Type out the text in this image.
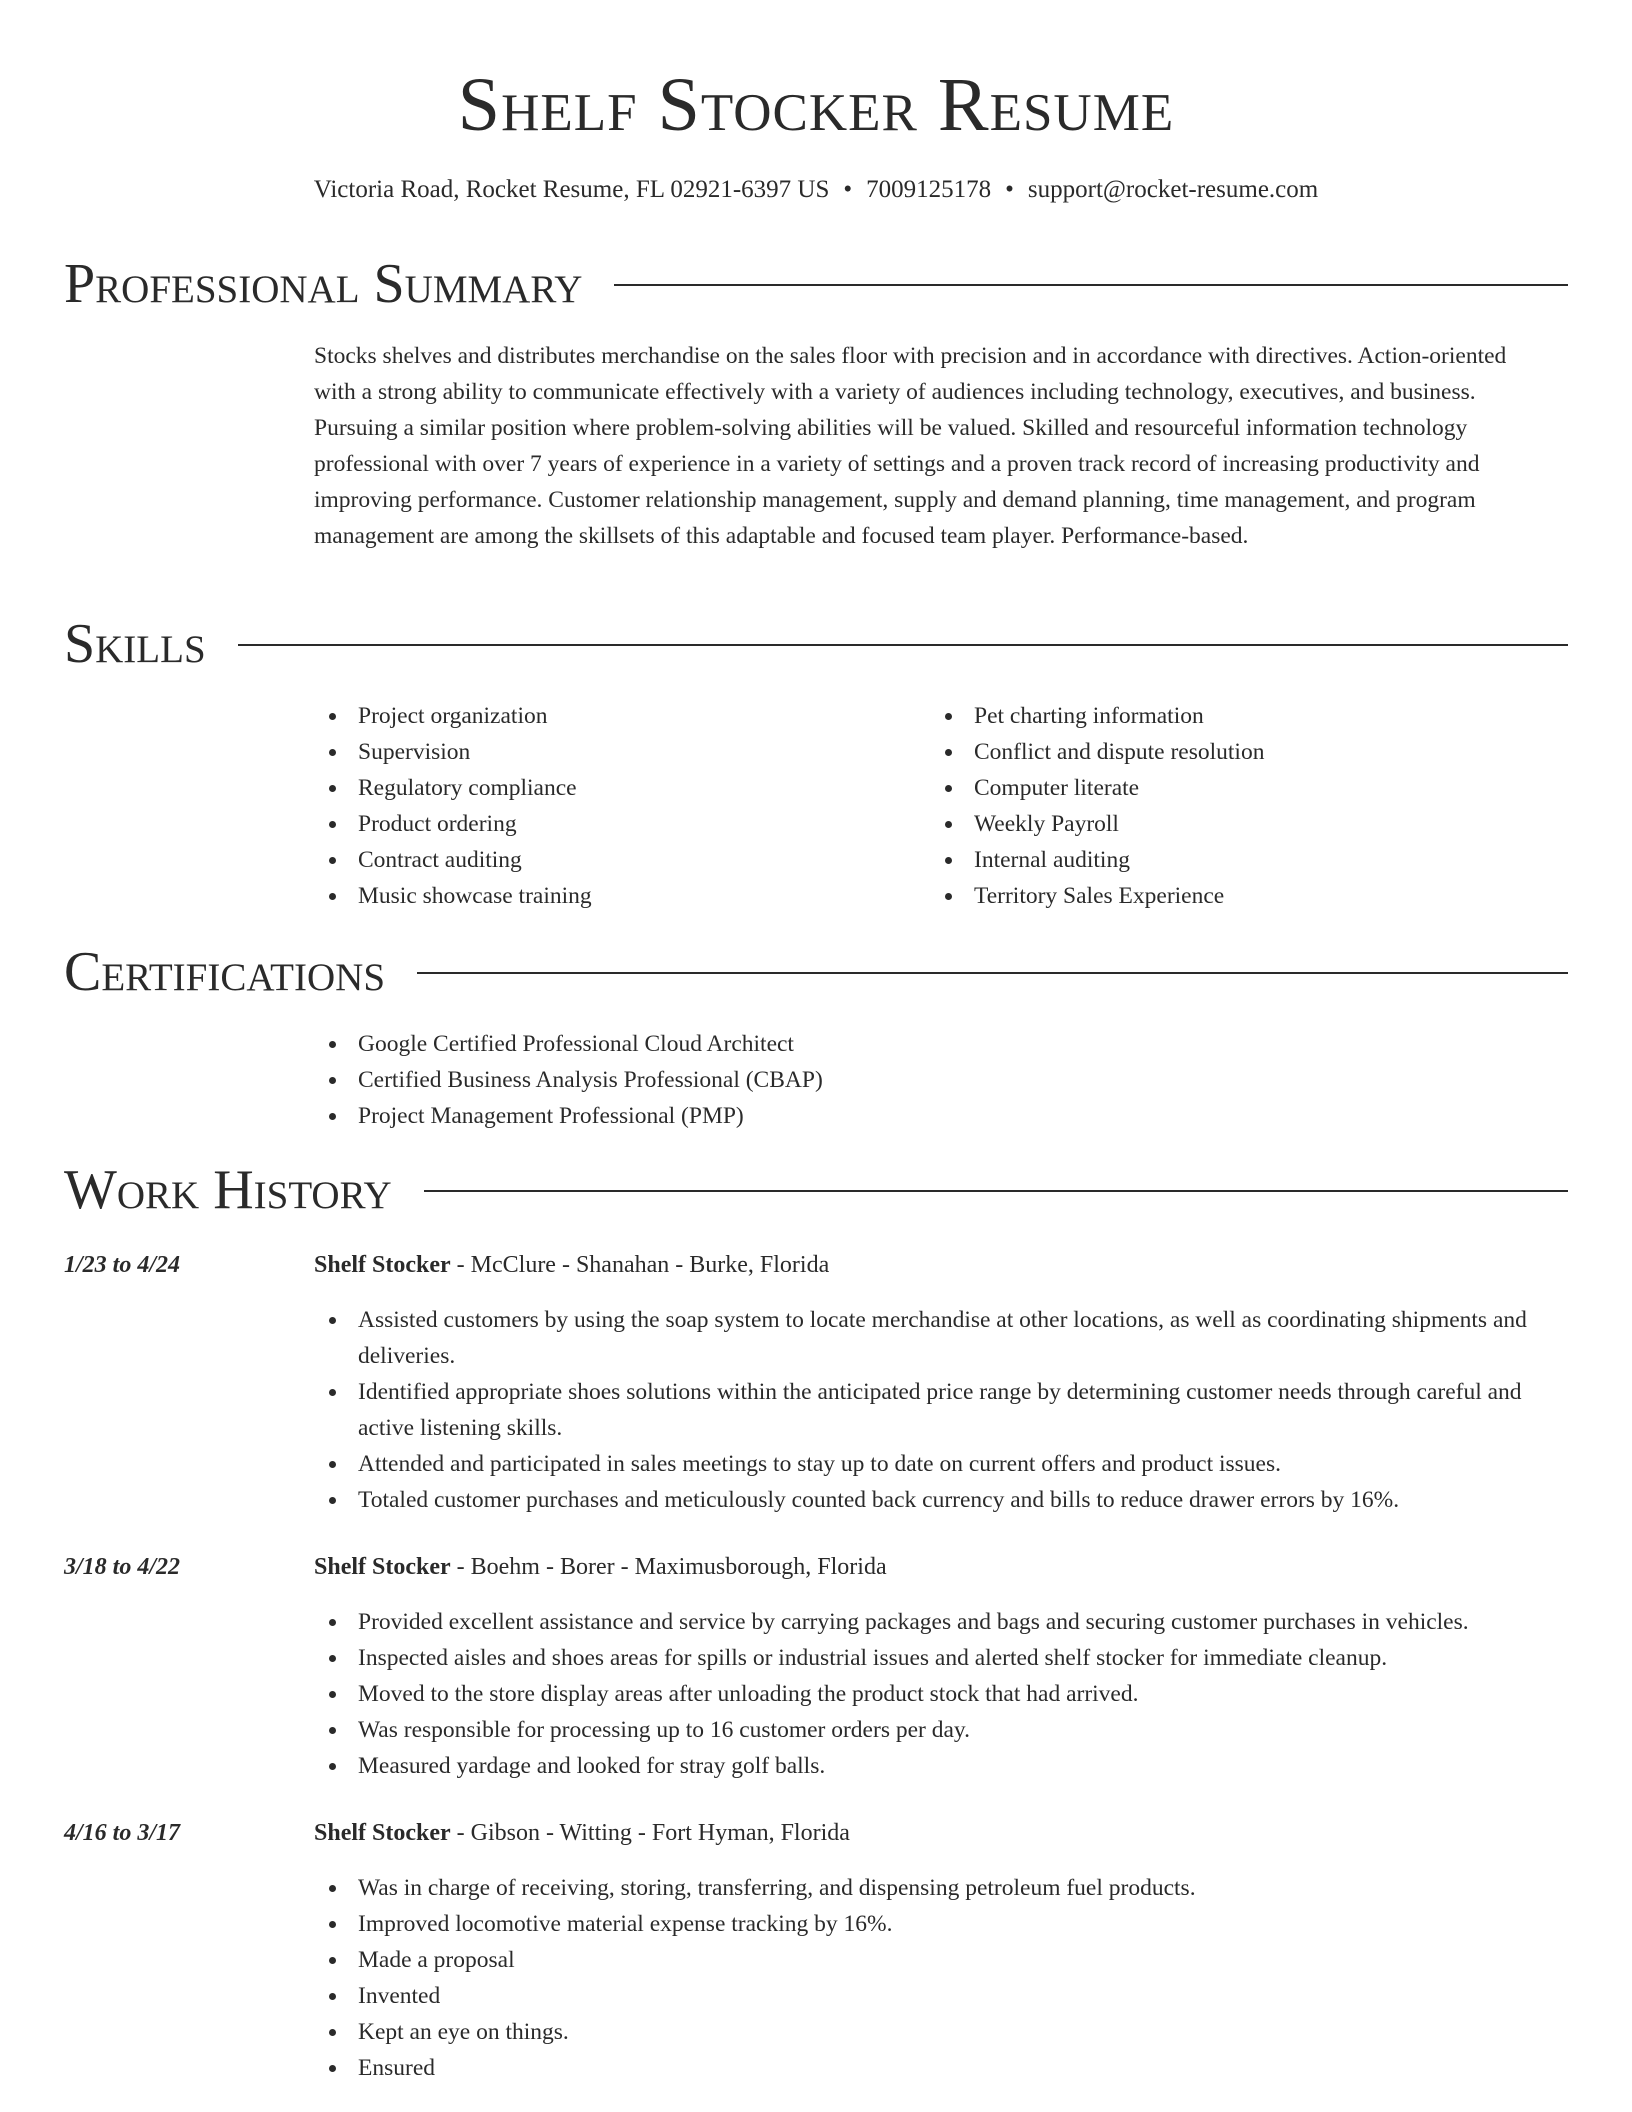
Shelf Stocker Resume
Victoria Road, Rocket Resume, FL 02921-6397 US • 7009125178 • support@rocket-resume.com
Professional Summary

Stocks shelves and distributes merchandise on the sales floor with precision and in accordance with directives. Action-oriented with a strong ability to communicate effectively with a variety of audiences including technology, executives, and business. Pursuing a similar position where problem-solving abilities will be valued. Skilled and resourceful information technology professional with over 7 years of experience in a variety of settings and a proven track record of increasing productivity and improving performance. Customer relationship management, supply and demand planning, time management, and program management are among the skillsets of this adaptable and focused team player. Performance-based.

Skills
Project organization
Supervision
Regulatory compliance
Product ordering
Contract auditing
Music showcase training
Pet charting information
Conflict and dispute resolution
Computer literate
Weekly Payroll
Internal auditing
Territory Sales Experience
Certifications
Google Certified Professional Cloud Architect
Certified Business Analysis Professional (CBAP)
Project Management Professional (PMP)
Work History
1/23 to 4/24	Shelf Stocker - McClure - Shanahan - Burke, Florida
Assisted customers by using the soap system to locate merchandise at other locations, as well as coordinating shipments and deliveries.
Identified appropriate shoes solutions within the anticipated price range by determining customer needs through careful and active listening skills.
Attended and participated in sales meetings to stay up to date on current offers and product issues.
Totaled customer purchases and meticulously counted back currency and bills to reduce drawer errors by 16%.
3/18 to 4/22	Shelf Stocker - Boehm - Borer - Maximusborough, Florida
Provided excellent assistance and service by carrying packages and bags and securing customer purchases in vehicles.
Inspected aisles and shoes areas for spills or industrial issues and alerted shelf stocker for immediate cleanup.
Moved to the store display areas after unloading the product stock that had arrived.
Was responsible for processing up to 16 customer orders per day.
Measured yardage and looked for stray golf balls.
4/16 to 3/17	Shelf Stocker - Gibson - Witting - Fort Hyman, Florida
Was in charge of receiving, storing, transferring, and dispensing petroleum fuel products.
Improved locomotive material expense tracking by 16%.
Made a proposal
Invented
Kept an eye on things.
Ensured
